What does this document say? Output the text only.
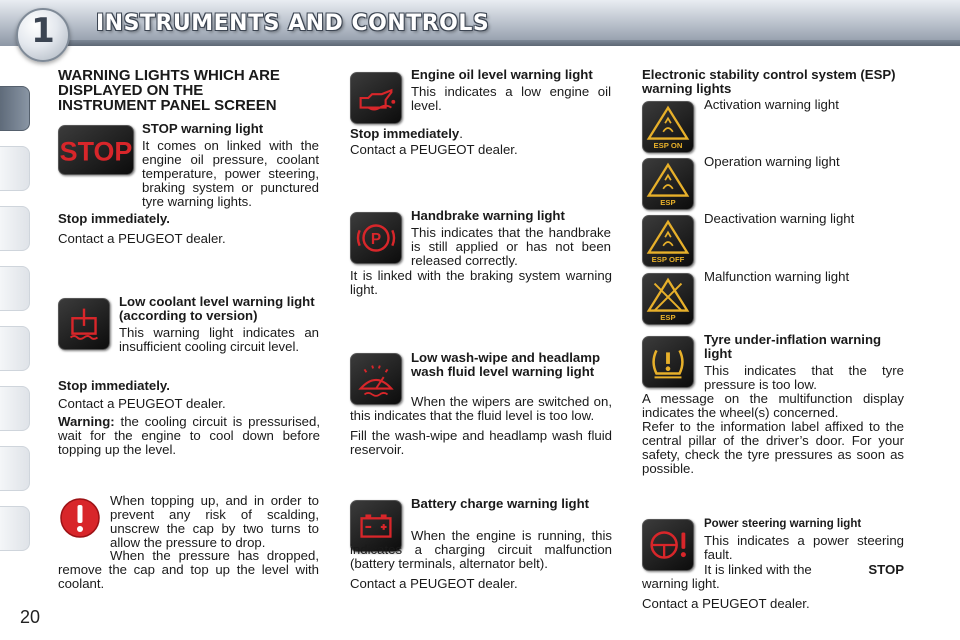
1	INSTRUMENTS AND CONTROLS
WARNING LIGHTS WHICH ARE DISPLAYED ON THE INSTRUMENT PANEL SCREEN
STOP
STOP warning light
It comes on linked with the engine oil pressure, coolant temperature, power steering, braking system or punctured tyre warning lights.

Stop immediately.

Contact a PEUGEOT dealer.

Low coolant level warning light (according to version)
This warning light indicates an insufficient cooling circuit level.

Stop immediately.

Contact a PEUGEOT dealer.

Warning: the cooling circuit is pressurised, wait for the engine to cool down before topping up the level.

When topping up, and in order to prevent any risk of scalding, unscrew the cap by two turns to allow the pressure to drop.

When the pressure has dropped, remove the cap and top up the level with coolant.

Engine oil level warning light
This indicates a low engine oil level.

Stop immediately.

Contact a PEUGEOT dealer.

P
Handbrake warning light
This indicates that the handbrake is still applied or has not been released correctly.

It is linked with the braking system warning light.

Low wash-wipe and headlamp wash fluid level warning light

When the wipers are switched on, this indicates that the fluid level is too low.

Fill the wash-wipe and headlamp wash fluid reservoir.

Battery charge warning light

When the engine is running, this indicates a charging circuit malfunction (battery terminals, alternator belt).

Contact a PEUGEOT dealer.

Electronic stability control system (ESP) warning lights
ESP ON

Activation warning light

ESP

Operation warning light

ESP OFF

Deactivation warning light

ESP

Malfunction warning light

Tyre under-inflation warning light
This indicates that the tyre pressure is too low.

A message on the multifunction display indicates the wheel(s) concerned.

Refer to the information label affixed to the central pillar of the driver’s door. For your safety, check the tyre pressures as soon as possible.

Power steering warning light
This indicates a power steering fault.

It is linked with the	STOP

warning light.

Contact a PEUGEOT dealer.

20
